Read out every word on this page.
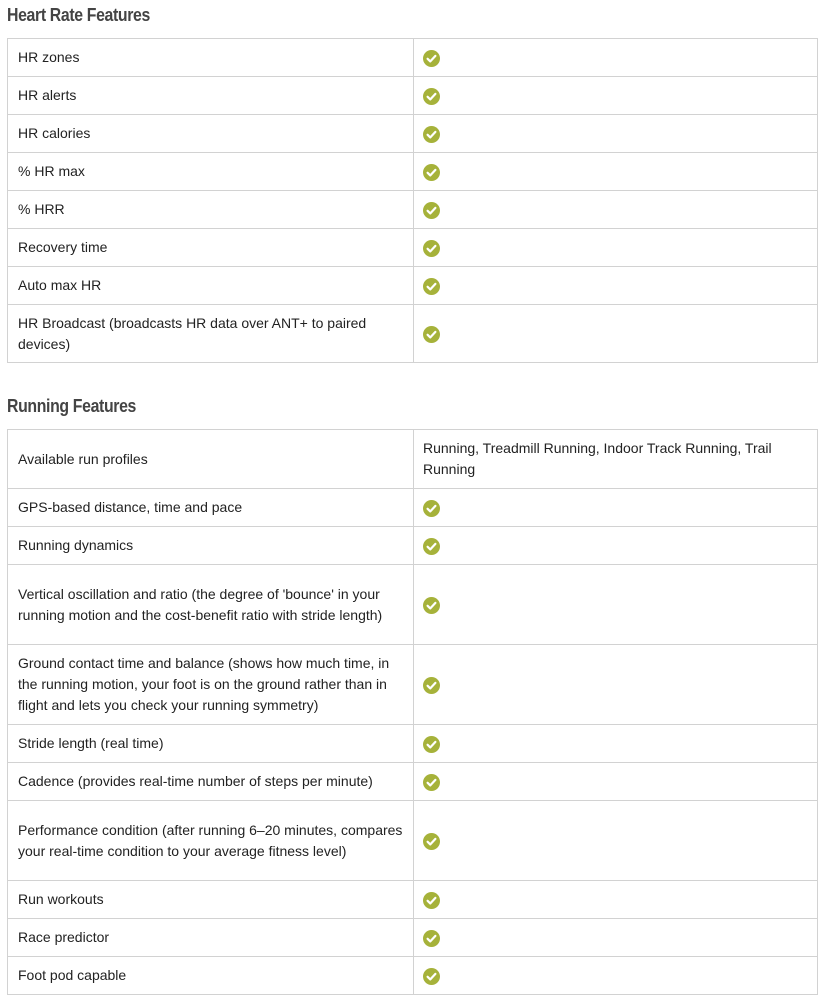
Heart Rate Features
HR zones	

HR alerts	

HR calories	

% HR max	

% HRR	

Recovery time	

Auto max HR	

HR Broadcast (broadcasts HR data over ANT+ to paired devices)	
Running Features
Available run profiles	Running, Treadmill Running, Indoor Track Running, Trail Running
GPS-based distance, time and pace	

Running dynamics	

Vertical oscillation and ratio (the degree of 'bounce' in your running motion and the cost-benefit ratio with stride length)	

Ground contact time and balance (shows how much time, in the running motion, your foot is on the ground rather than in flight and lets you check your running symmetry)	

Stride length (real time)	

Cadence (provides real-time number of steps per minute)	

Performance condition (after running 6–20 minutes, compares your real-time condition to your average fitness level)	

Run workouts	

Race predictor	

Foot pod capable	
